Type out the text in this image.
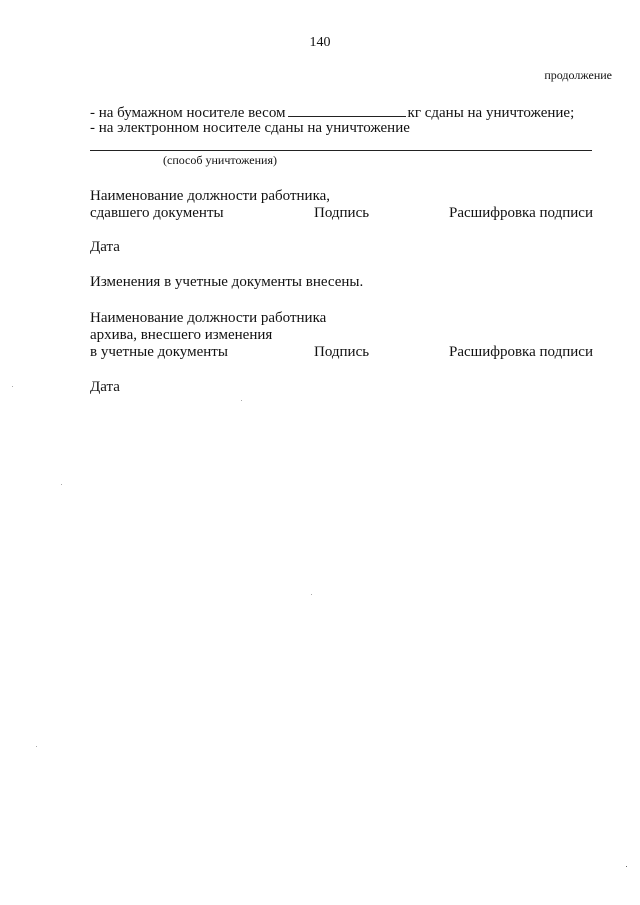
140
продолжение
- на бумажном носителе весом	кг сданы на уничтожение;
- на электронном носителе сданы на уничтожение
(способ уничтожения)
Наименование должности работника,
сдавшего документы	Подпись	Расшифровка подписи
Дата
Изменения в учетные документы внесены.
Наименование должности работника
архива, внесшего изменения
в учетные документы	Подпись	Расшифровка подписи
Дата
